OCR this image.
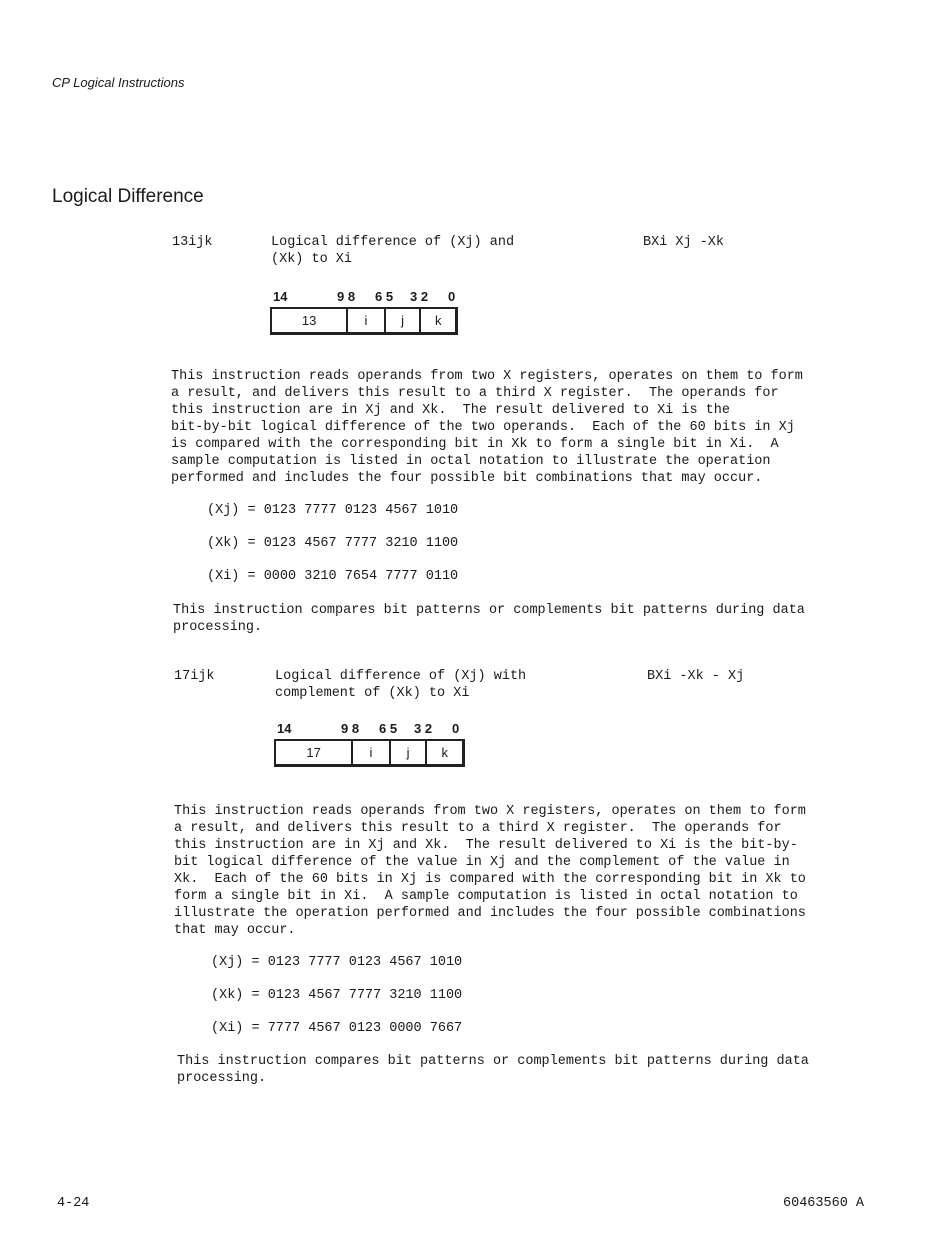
CP Logical Instructions
Logical Difference
13ijk	Logical difference of (Xj) and
(Xk) to Xi
BXi Xj -Xk
14	9 8 6 5 3 2 0
13	i	j	k
This instruction reads operands from two X registers, operates on them to form
a result, and delivers this result to a third X register.  The operands for
this instruction are in Xj and Xk.  The result delivered to Xi is the
bit-by-bit logical difference of the two operands.  Each of the 60 bits in Xj
is compared with the corresponding bit in Xk to form a single bit in Xi.  A
sample computation is listed in octal notation to illustrate the operation
performed and includes the four possible bit combinations that may occur.
(Xj) = 0123 7777 0123 4567 1010
(Xk) = 0123 4567 7777 3210 1100
(Xi) = 0000 3210 7654 7777 0110
This instruction compares bit patterns or complements bit patterns during data
processing.
17ijk	Logical difference of (Xj) with
complement of (Xk) to Xi
BXi -Xk - Xj
14	9 8 6 5 3 2 0
17	i	j	k
This instruction reads operands from two X registers, operates on them to form
a result, and delivers this result to a third X register.  The operands for
this instruction are in Xj and Xk.  The result delivered to Xi is the bit-by-
bit logical difference of the value in Xj and the complement of the value in
Xk.  Each of the 60 bits in Xj is compared with the corresponding bit in Xk to
form a single bit in Xi.  A sample computation is listed in octal notation to
illustrate the operation performed and includes the four possible combinations
that may occur.
(Xj) = 0123 7777 0123 4567 1010
(Xk) = 0123 4567 7777 3210 1100
(Xi) = 7777 4567 0123 0000 7667
This instruction compares bit patterns or complements bit patterns during data
processing.
4-24	60463560 A
